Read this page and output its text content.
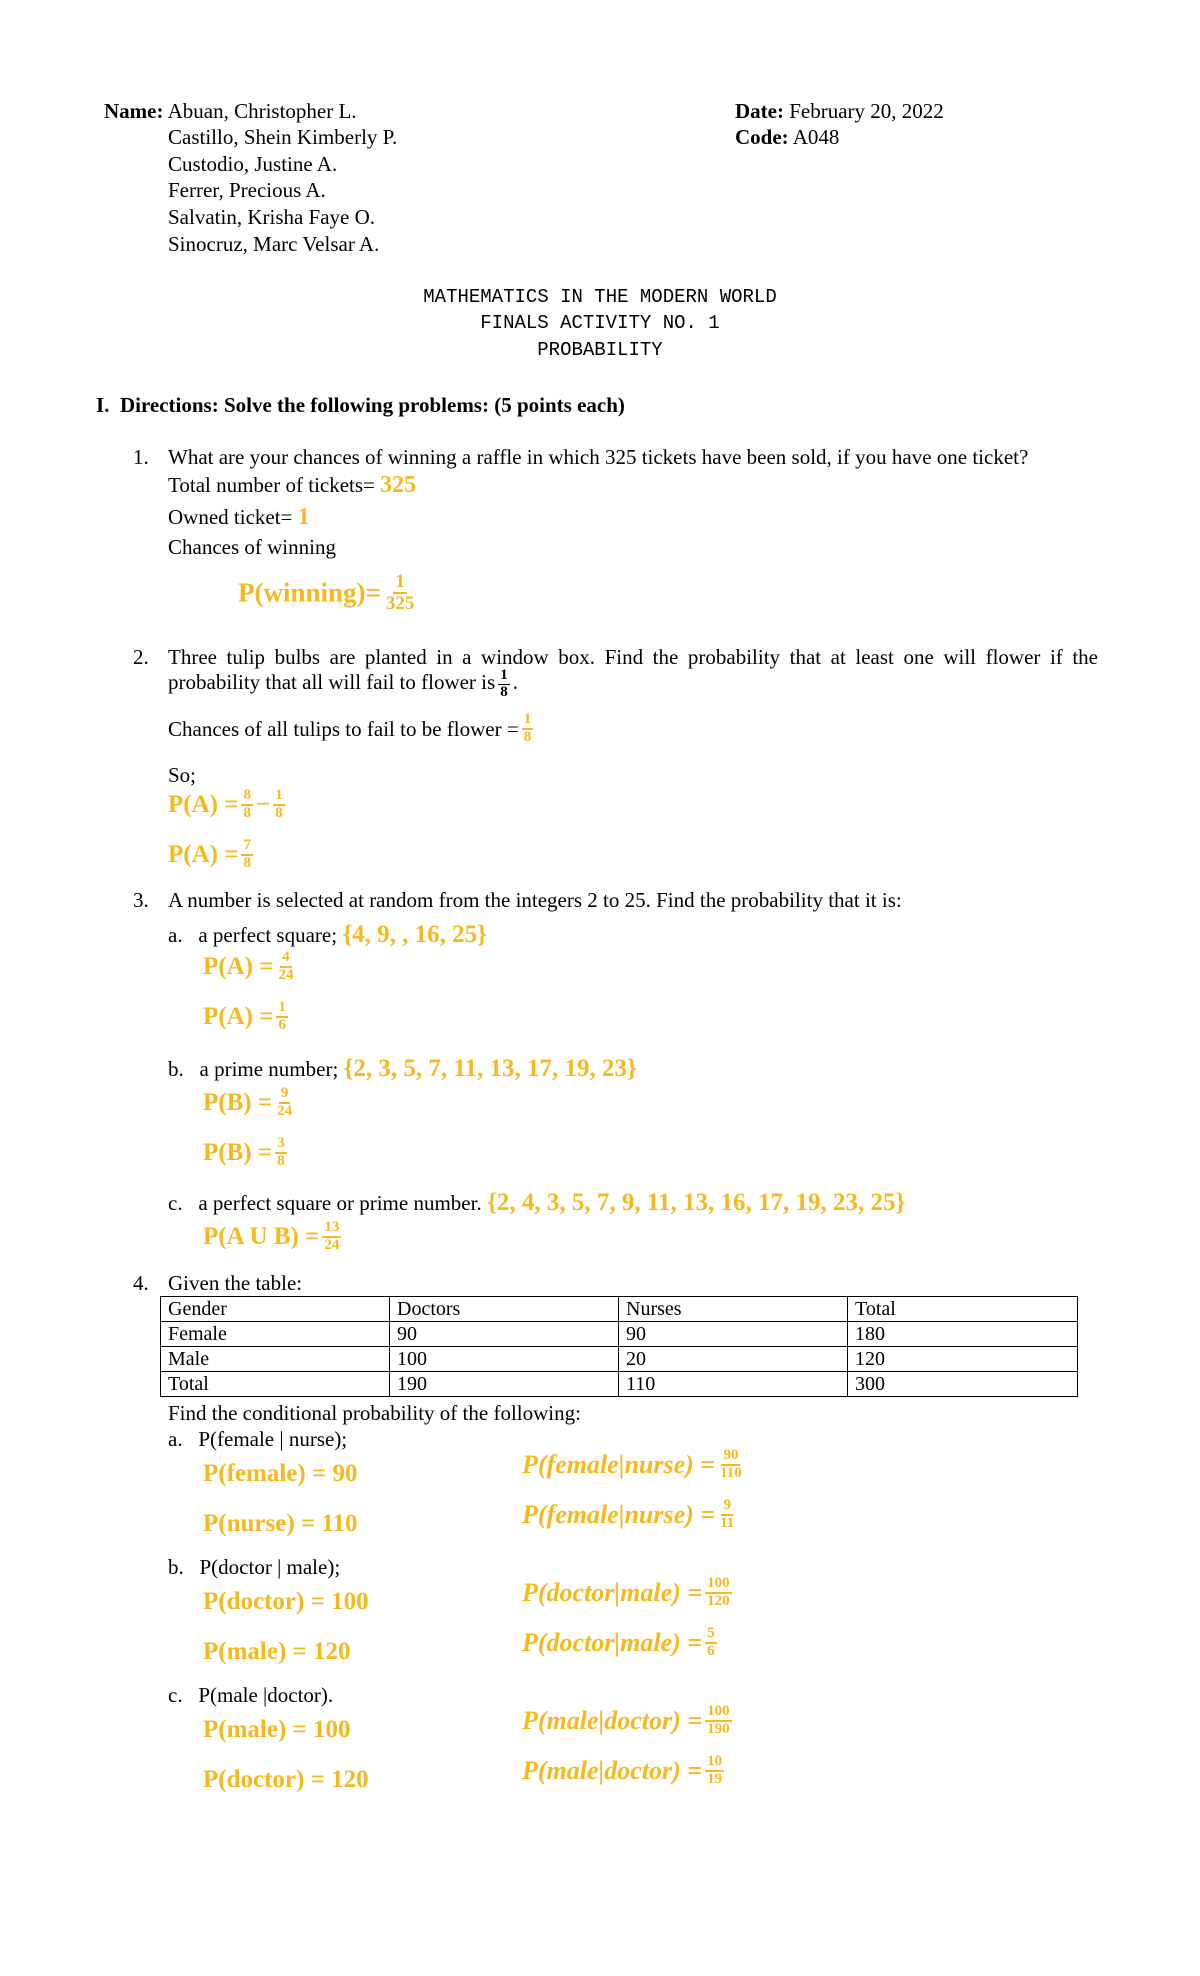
Name: Abuan, Christopher L.
Castillo, Shein Kimberly P.
Custodio, Justine A.
Ferrer, Precious A.
Salvatin, Krisha Faye O.
Sinocruz, Marc Velsar A.
Date: February 20, 2022
Code: A048
MATHEMATICS IN THE MODERN WORLD
FINALS ACTIVITY NO. 1
PROBABILITY
I. Directions: Solve the following problems: (5 points each)
1. What are your chances of winning a raffle in which 325 tickets have been sold, if you have one ticket?
Total number of tickets= 325
Owned ticket= 1
Chances of winning
P(winning)= $\frac{1}{325}$
2. Three tulip bulbs are planted in a window box. Find the probability that at least one will flower if the
probability that all will fail to flower is $\frac{1}{8}$ .
Chances of all tulips to fail to be flower = $\frac{1}{8}$
So;
$P(A) = \frac{8}{8} - \frac{1}{8}$
$P(A) = \frac{7}{8}$
3. A number is selected at random from the integers 2 to 25. Find the probability that it is:
a. a perfect square; {4, 9, , 16, 25}
$P(A) = \frac{4}{24}$
$P(A) = \frac{1}{6}$
b. a prime number; {2, 3, 5, 7, 11, 13, 17, 19, 23}
$P(B) = \frac{9}{24}$
$P(B) = \frac{3}{8}$
c. a perfect square or prime number. {2, 4, 3, 5, 7, 9, 11, 13, 16, 17, 19, 23, 25}
P(A U $B) = \frac{13}{24}$
4. Given the table:
Gender	Doctors	Nurses	Total
Female	90	90	180
Male	100	20	120
Total	190	110	300
Find the conditional probability of the following:
a. P(female | nurse);
P(female) = 90	P(female|nurse) = $\frac{90}{110}$
P(nurse) = 110	P(female|nurse) = $\frac{9}{11}$
b. P(doctor | male);
P(doctor) = 100	P(doctor|male) = $\frac{100}{120}$
P(male) = 120	P(doctor|male) = $\frac{5}{6}$
c. P(male |doctor).
P(male) = 100	P(male|doctor) = $\frac{100}{190}$
P(doctor) = 120	P(male|doctor) = $\frac{10}{19}$
